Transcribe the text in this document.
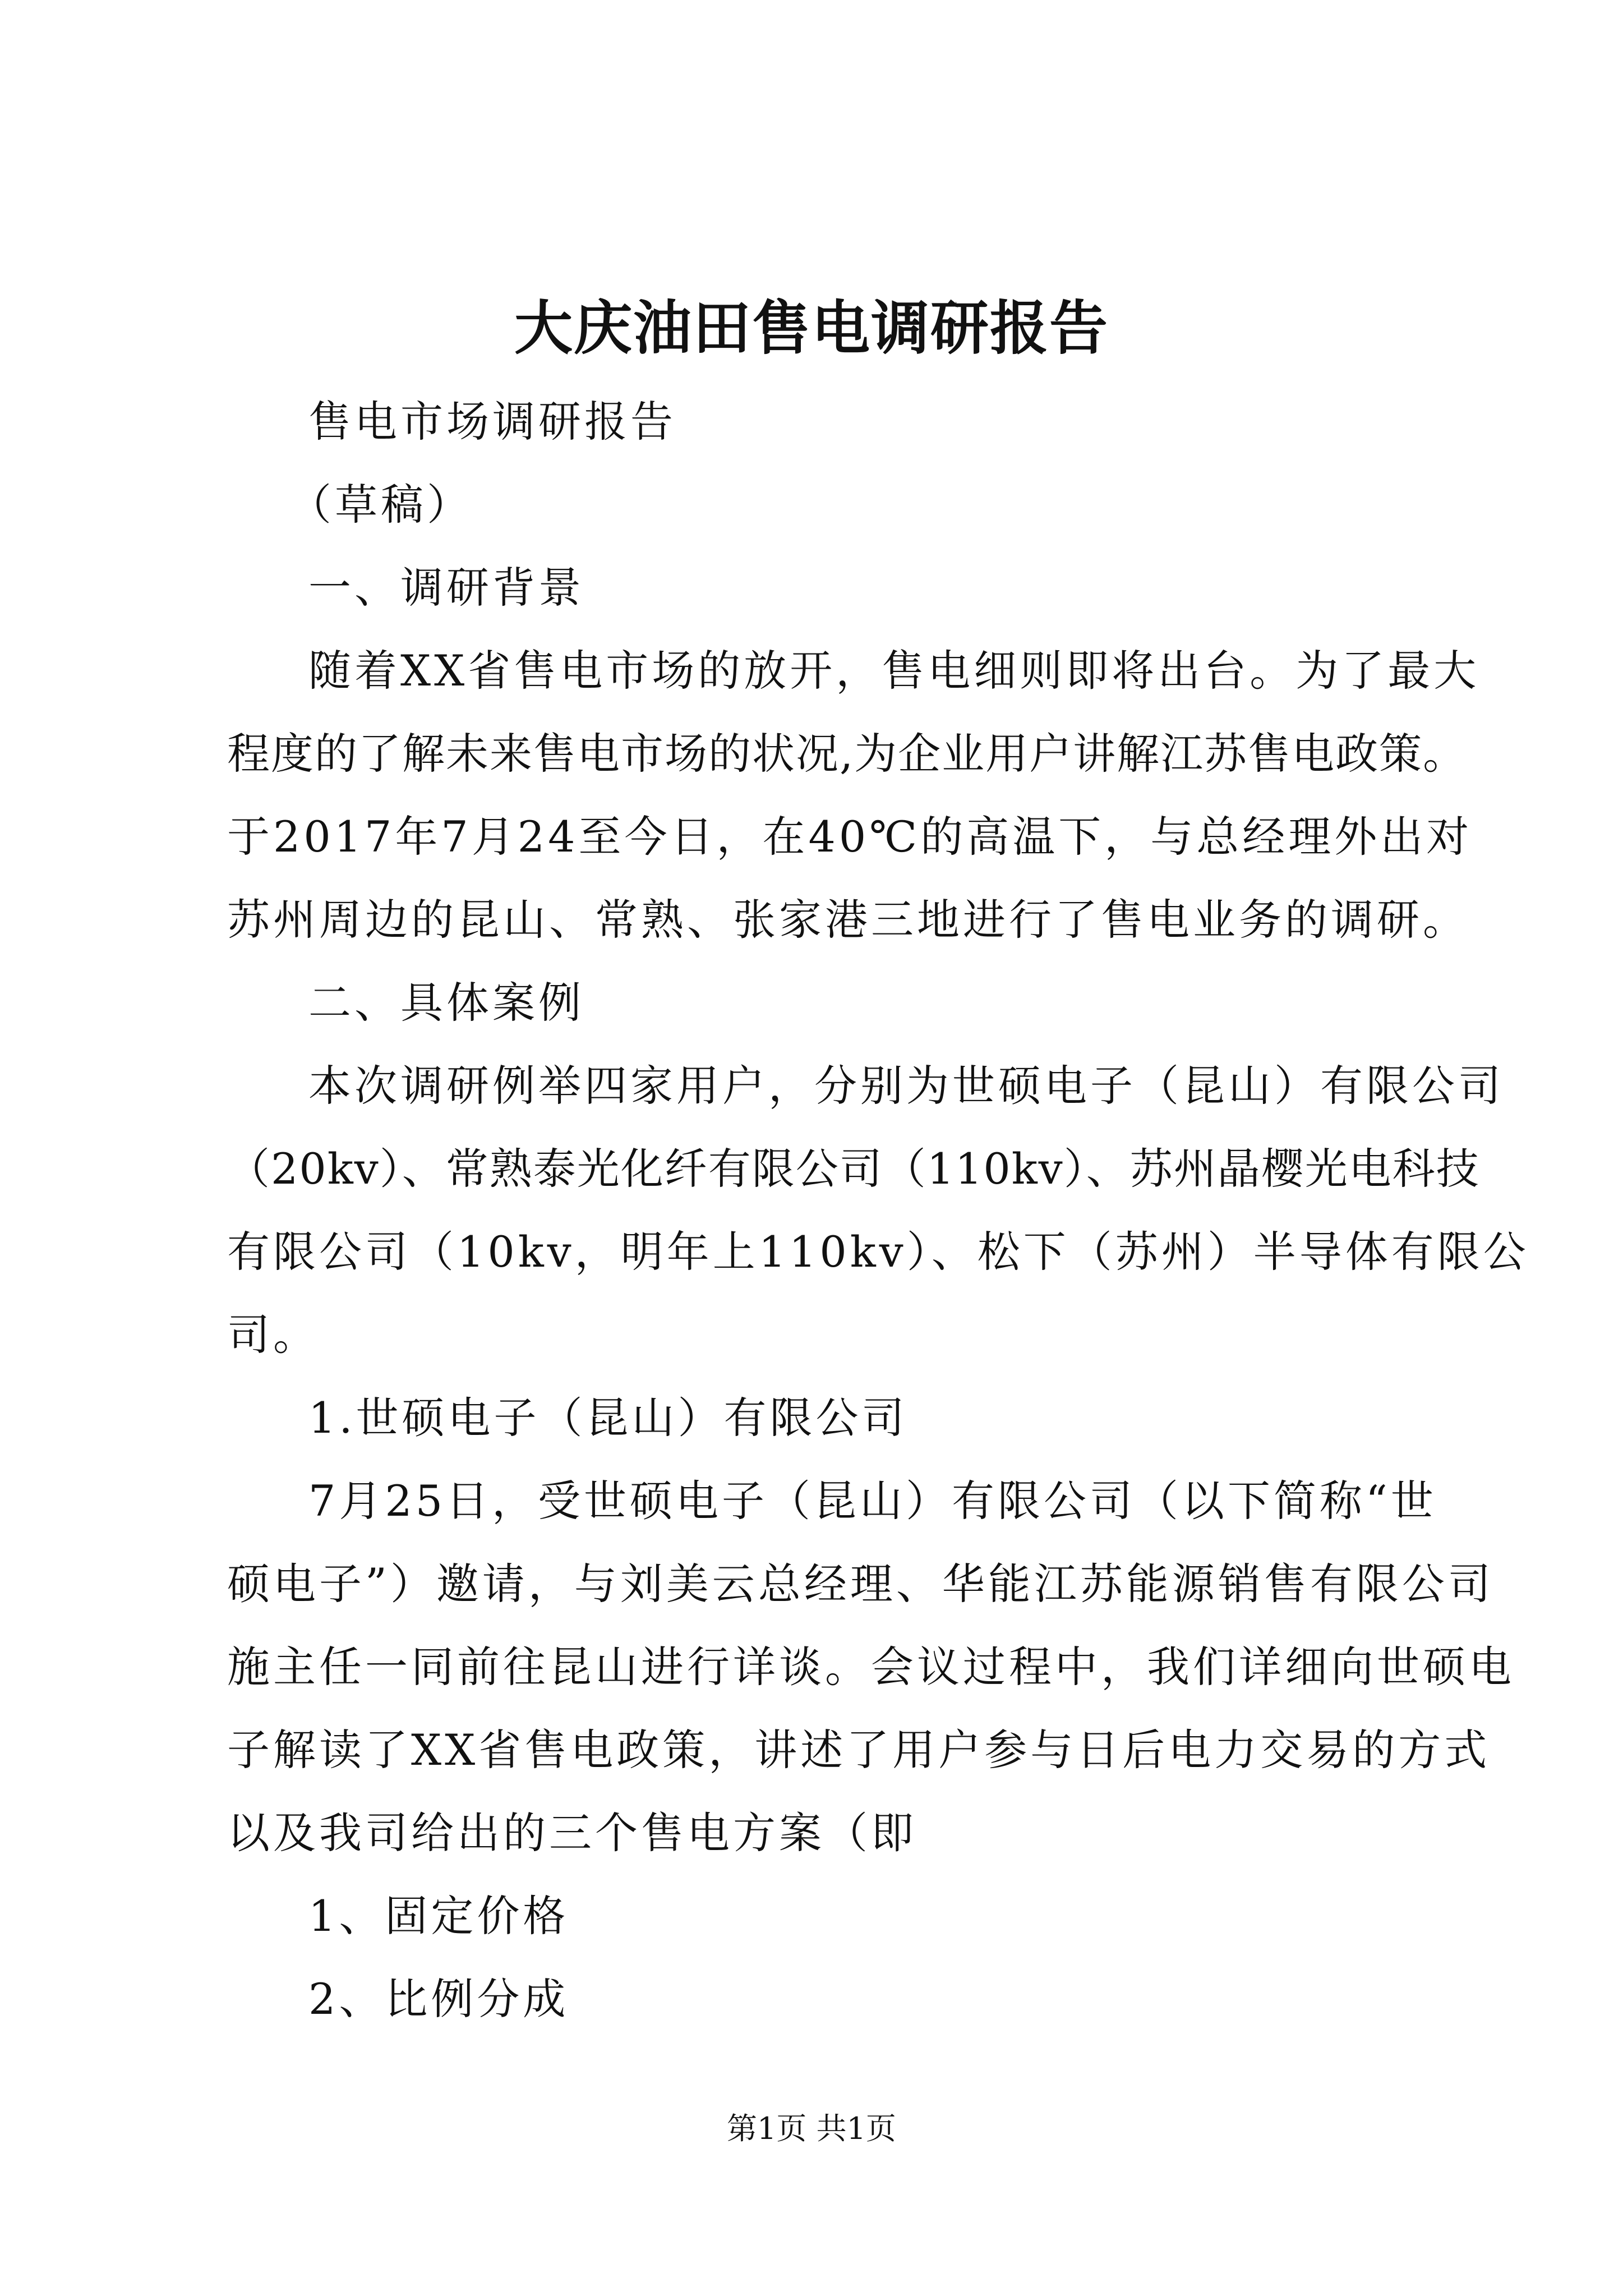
大庆油田售电调研报告

售电市场调研报告

（草稿）

一、调研背景

随着XX省售电市场的放开，售电细则即将出台。为了最大
程度的了解未来售电市场的状况,为企业用户讲解江苏售电政策。
于2017年7月24至今日，在40℃的高温下，与总经理外出对
苏州周边的昆山、常熟、张家港三地进行了售电业务的调研。

二、具体案例

本次调研例举四家用户，分别为世硕电子（昆山）有限公司
（20kv）、常熟泰光化纤有限公司（110kv）、苏州晶樱光电科技
有限公司（10kv，明年上110kv）、松下（苏州）半导体有限公
司。

1.世硕电子（昆山）有限公司

7月25日，受世硕电子（昆山）有限公司（以下简称“世
硕电子”）邀请，与刘美云总经理、华能江苏能源销售有限公司
施主任一同前往昆山进行详谈。会议过程中，我们详细向世硕电
子解读了XX省售电政策，讲述了用户参与日后电力交易的方式
以及我司给出的三个售电方案（即

1、固定价格

2、比例分成

第1页 共1页
